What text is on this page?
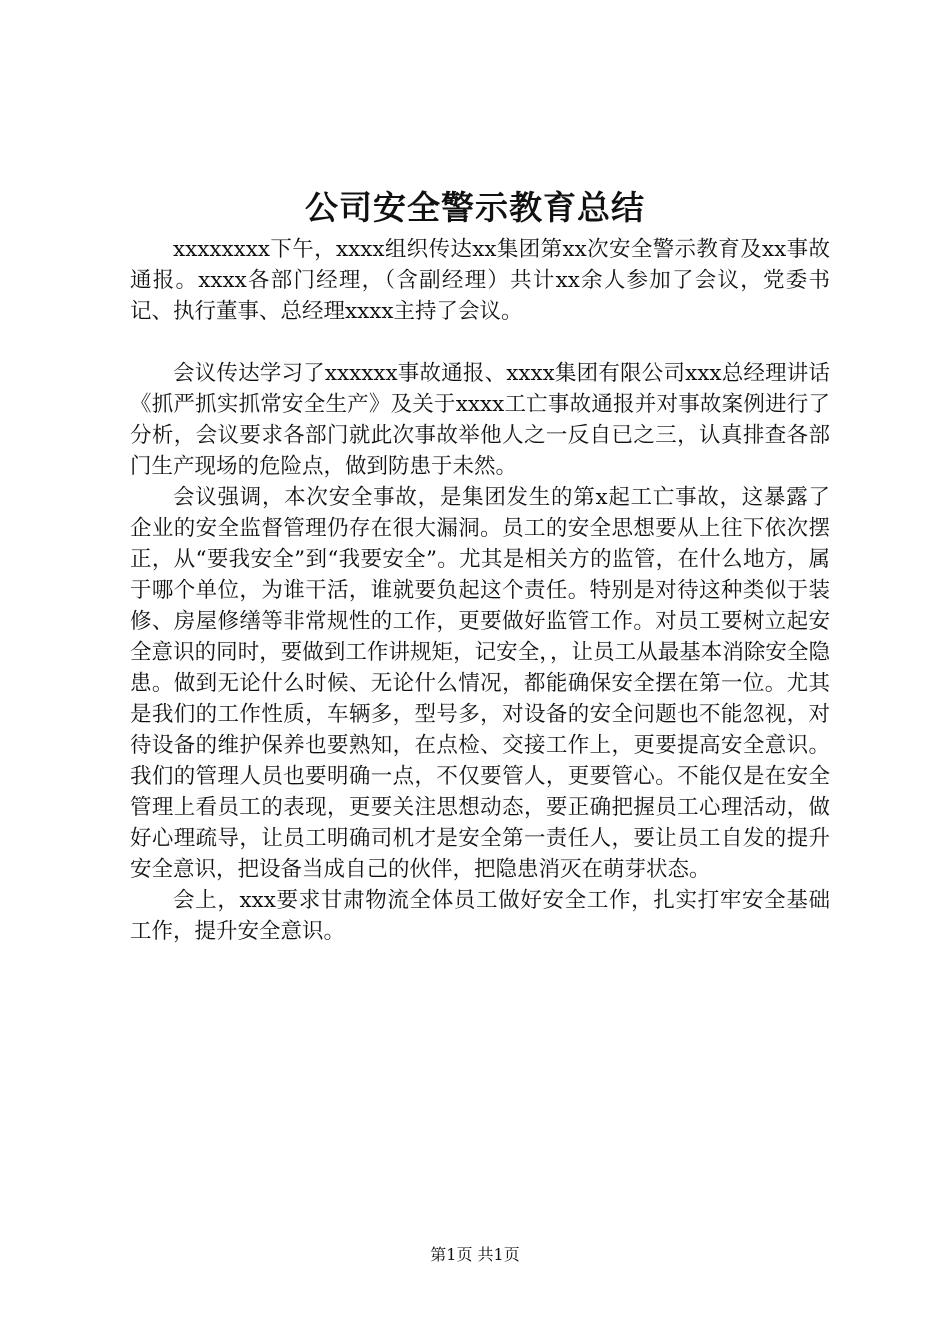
公司安全警示教育总结

xxxxxxxx下午，xxxx组织传达xx集团第xx次安全警示教育及xx事故通报。xxxx各部门经理，（含副经理）共计xx余人参加了会议，党委书记、执行董事、总经理xxxx主持了会议。

会议传达学习了xxxxxx事故通报、xxxx集团有限公司xxx总经理讲话《抓严抓实抓常安全生产》及关于xxxx工亡事故通报并对事故案例进行了分析，会议要求各部门就此次事故举他人之一反自已之三，认真排查各部门生产现场的危险点，做到防患于未然。

会议强调，本次安全事故，是集团发生的第x起工亡事故，这暴露了企业的安全监督管理仍存在很大漏洞。员工的安全思想要从上往下依次摆正，从“要我安全”到“我要安全”。尤其是相关方的监管，在什么地方，属于哪个单位，为谁干活，谁就要负起这个责任。特别是对待这种类似于装修、房屋修缮等非常规性的工作，更要做好监管工作。对员工要树立起安全意识的同时，要做到工作讲规矩，记安全，，让员工从最基本消除安全隐患。做到无论什么时候、无论什么情况，都能确保安全摆在第一位。尤其是我们的工作性质，车辆多，型号多，对设备的安全问题也不能忽视，对待设备的维护保养也要熟知，在点检、交接工作上，更要提高安全意识。我们的管理人员也要明确一点，不仅要管人，更要管心。不能仅是在安全管理上看员工的表现，更要关注思想动态，要正确把握员工心理活动，做好心理疏导，让员工明确司机才是安全第一责任人，要让员工自发的提升安全意识，把设备当成自己的伙伴，把隐患消灭在萌芽状态。

会上，xxx要求甘肃物流全体员工做好安全工作，扎实打牢安全基础工作，提升安全意识。

第1页 共1页
